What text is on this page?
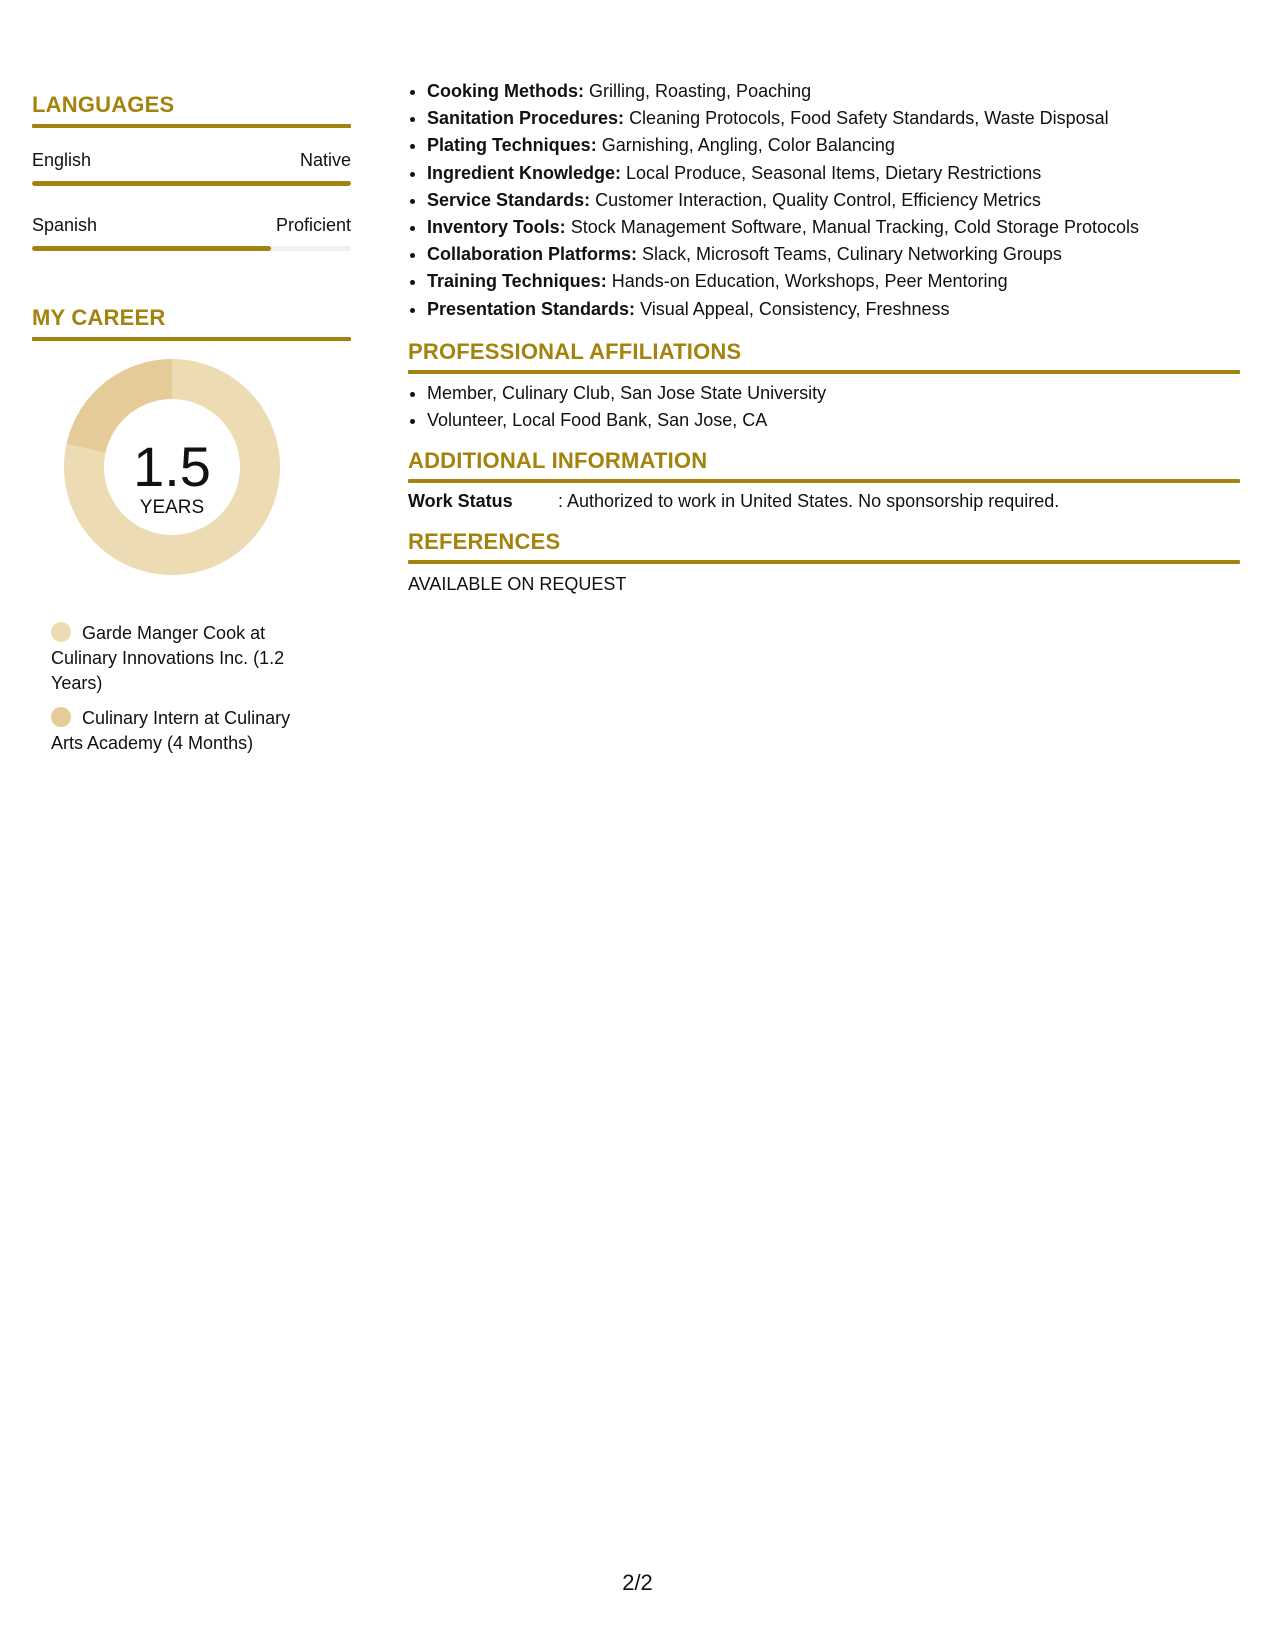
LANGUAGES
English	Native
Spanish	Proficient
MY CAREER
1.5
YEARS
Garde Manger Cook at Culinary Innovations Inc. (1.2 Years)
Culinary Intern at Culinary Arts Academy (4 Months)
• Cooking Methods: Grilling, Roasting, Poaching
• Sanitation Procedures: Cleaning Protocols, Food Safety Standards, Waste Disposal
• Plating Techniques: Garnishing, Angling, Color Balancing
• Ingredient Knowledge: Local Produce, Seasonal Items, Dietary Restrictions
• Service Standards: Customer Interaction, Quality Control, Efficiency Metrics
• Inventory Tools: Stock Management Software, Manual Tracking, Cold Storage Protocols
• Collaboration Platforms: Slack, Microsoft Teams, Culinary Networking Groups
• Training Techniques: Hands-on Education, Workshops, Peer Mentoring
• Presentation Standards: Visual Appeal, Consistency, Freshness
PROFESSIONAL AFFILIATIONS
• Member, Culinary Club, San Jose State University
• Volunteer, Local Food Bank, San Jose, CA
ADDITIONAL INFORMATION
Work Status	: Authorized to work in United States. No sponsorship required.
REFERENCES
AVAILABLE ON REQUEST
2/2
